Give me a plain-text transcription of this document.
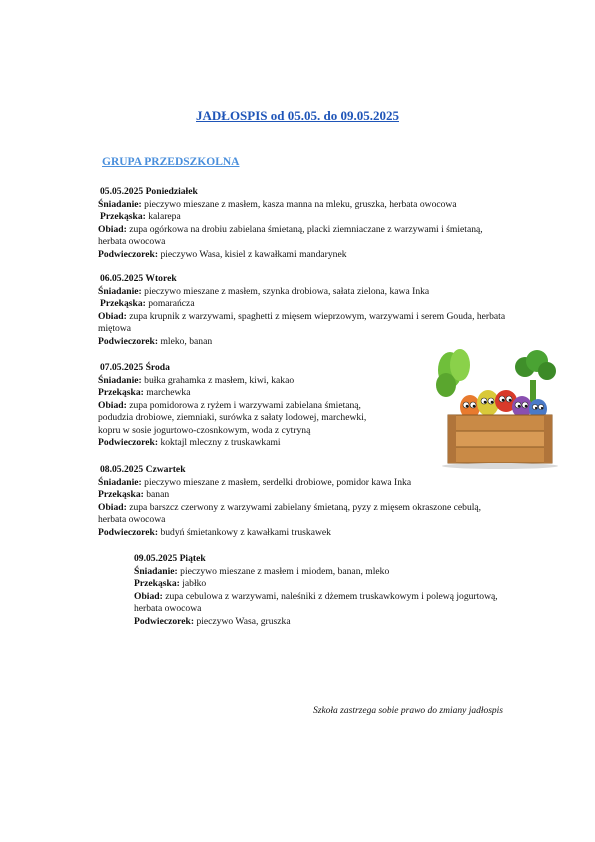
JADŁOSPIS od 05.05. do 09.05.2025
GRUPA PRZEDSZKOLNA
05.05.2025 Poniedziałek
Śniadanie: pieczywo mieszane z masłem, kasza manna na mleku, gruszka, herbata owocowa
Przekąska: kalarepa
Obiad: zupa ogórkowa na drobiu zabielana śmietaną, placki ziemniaczane z warzywami i śmietaną,
herbata owocowa
Podwieczorek: pieczywo Wasa, kisiel z kawałkami mandarynek
06.05.2025 Wtorek
Śniadanie: pieczywo mieszane z masłem, szynka drobiowa, sałata zielona, kawa Inka
Przekąska: pomarańcza
Obiad: zupa krupnik z warzywami, spaghetti z mięsem wieprzowym, warzywami i serem Gouda, herbata
miętowa
Podwieczorek: mleko, banan
07.05.2025 Środa
Śniadanie: bułka grahamka z masłem, kiwi, kakao
Przekąska: marchewka
Obiad: zupa pomidorowa z ryżem i warzywami zabielana śmietaną,
podudzia drobiowe, ziemniaki, surówka z sałaty lodowej, marchewki,
kopru w sosie jogurtowo-czosnkowym, woda z cytryną
Podwieczorek: koktajl mleczny z truskawkami
08.05.2025 Czwartek
Śniadanie: pieczywo mieszane z masłem, serdelki drobiowe, pomidor kawa Inka
Przekąska: banan
Obiad: zupa barszcz czerwony z warzywami zabielany śmietaną, pyzy z mięsem okraszone cebulą,
herbata owocowa
Podwieczorek: budyń śmietankowy z kawałkami truskawek
09.05.2025 Piątek
Śniadanie: pieczywo mieszane z masłem i miodem, banan, mleko
Przekąska: jabłko
Obiad: zupa cebulowa z warzywami, naleśniki z dżemem truskawkowym i polewą jogurtową,
herbata owocowa
Podwieczorek: pieczywo Wasa, gruszka
Szkoła zastrzega sobie prawo do zmiany jadłospis
